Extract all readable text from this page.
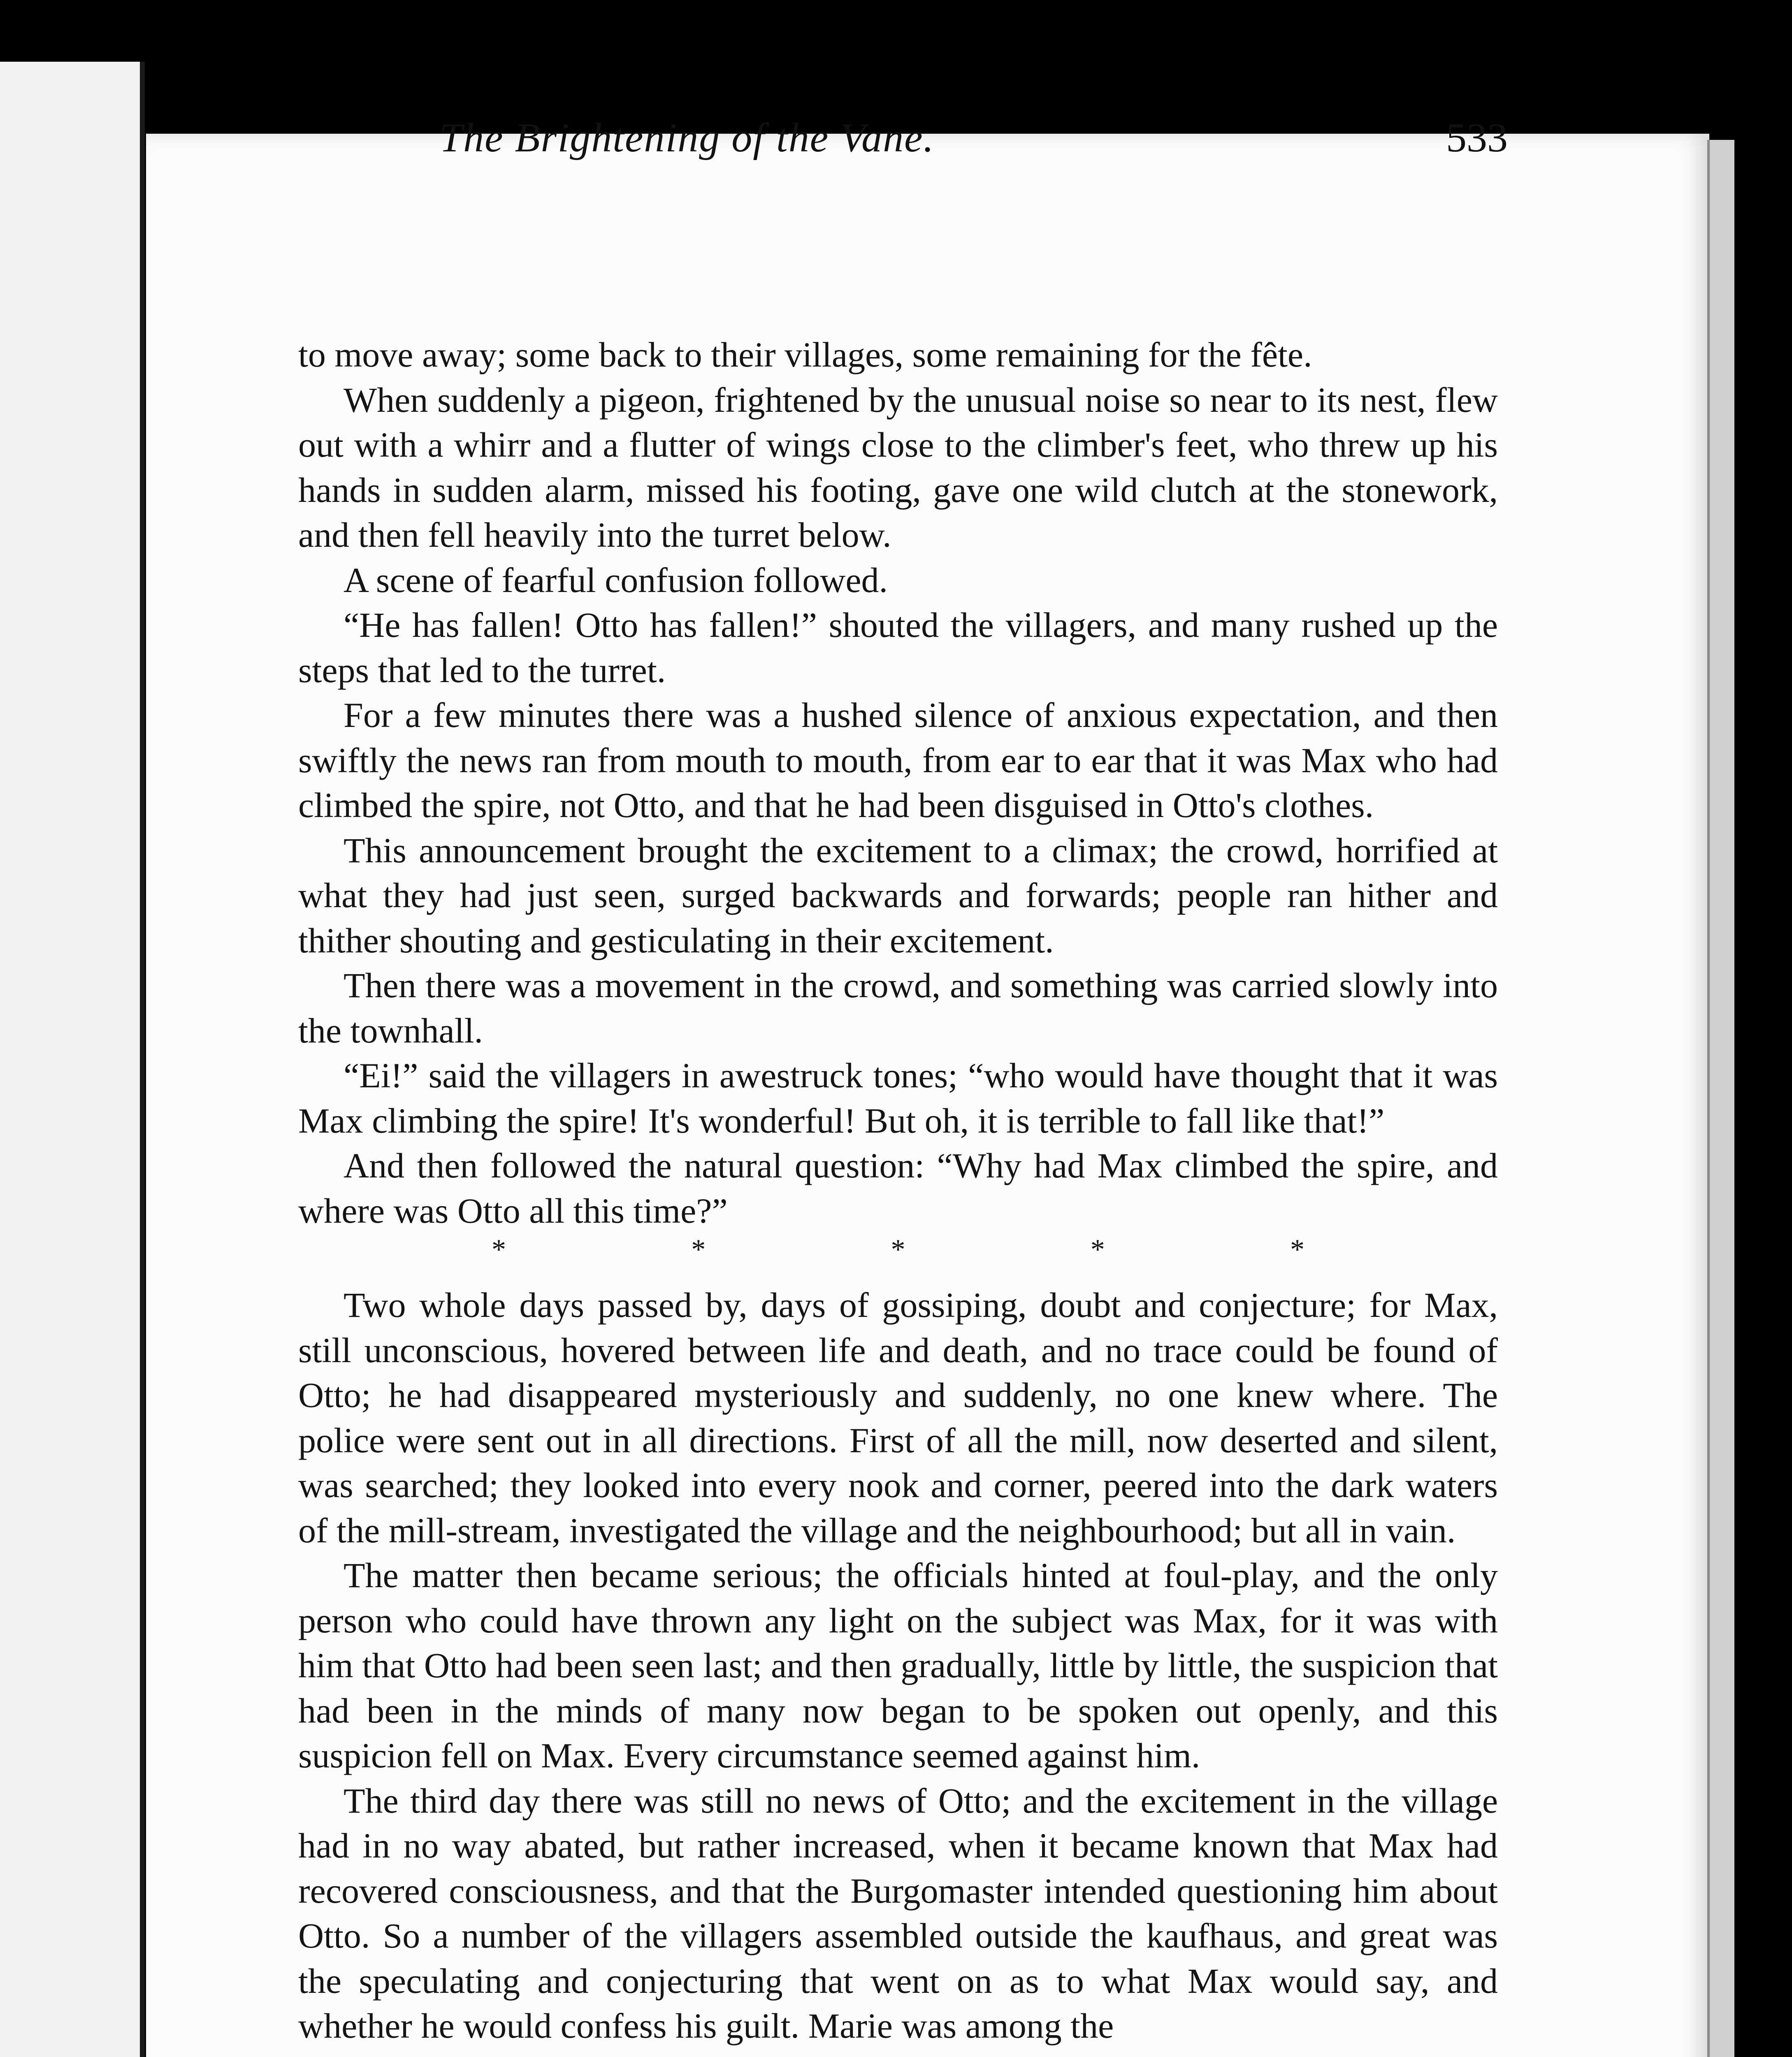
The Brightening of the Vane.	533

to move away; some back to their villages, some remaining for the fête.

When suddenly a pigeon, frightened by the unusual noise so near to its nest, flew out with a whirr and a flutter of wings close to the climber's feet, who threw up his hands in sudden alarm, missed his footing, gave one wild clutch at the stonework, and then fell heavily into the turret below.

A scene of fearful confusion followed.

“He has fallen! Otto has fallen!” shouted the villagers, and many rushed up the steps that led to the turret.

For a few minutes there was a hushed silence of anxious expectation, and then swiftly the news ran from mouth to mouth, from ear to ear that it was Max who had climbed the spire, not Otto, and that he had been disguised in Otto's clothes.

This announcement brought the excitement to a climax; the crowd, horrified at what they had just seen, surged backwards and forwards; people ran hither and thither shouting and gesticulating in their excitement.

Then there was a movement in the crowd, and something was carried slowly into the townhall.

“Ei!” said the villagers in awestruck tones; “who would have thought that it was Max climbing the spire! It's wonderful! But oh, it is terrible to fall like that!”

And then followed the natural question: “Why had Max climbed the spire, and where was Otto all this time?”

*	*	*	*	*

Two whole days passed by, days of gossiping, doubt and conjecture; for Max, still unconscious, hovered between life and death, and no trace could be found of Otto; he had disappeared mysteriously and suddenly, no one knew where. The police were sent out in all directions. First of all the mill, now deserted and silent, was searched; they looked into every nook and corner, peered into the dark waters of the mill-stream, investigated the village and the neighbourhood; but all in vain.

The matter then became serious; the officials hinted at foul-play, and the only person who could have thrown any light on the subject was Max, for it was with him that Otto had been seen last; and then gradually, little by little, the suspicion that had been in the minds of many now began to be spoken out openly, and this suspicion fell on Max. Every circumstance seemed against him.

The third day there was still no news of Otto; and the excitement in the village had in no way abated, but rather increased, when it became known that Max had recovered consciousness, and that the Burgomaster intended questioning him about Otto. So a number of the villagers assembled outside the kaufhaus, and great was the speculating and conjecturing that went on as to what Max would say, and whether he would confess his guilt. Marie was among the
